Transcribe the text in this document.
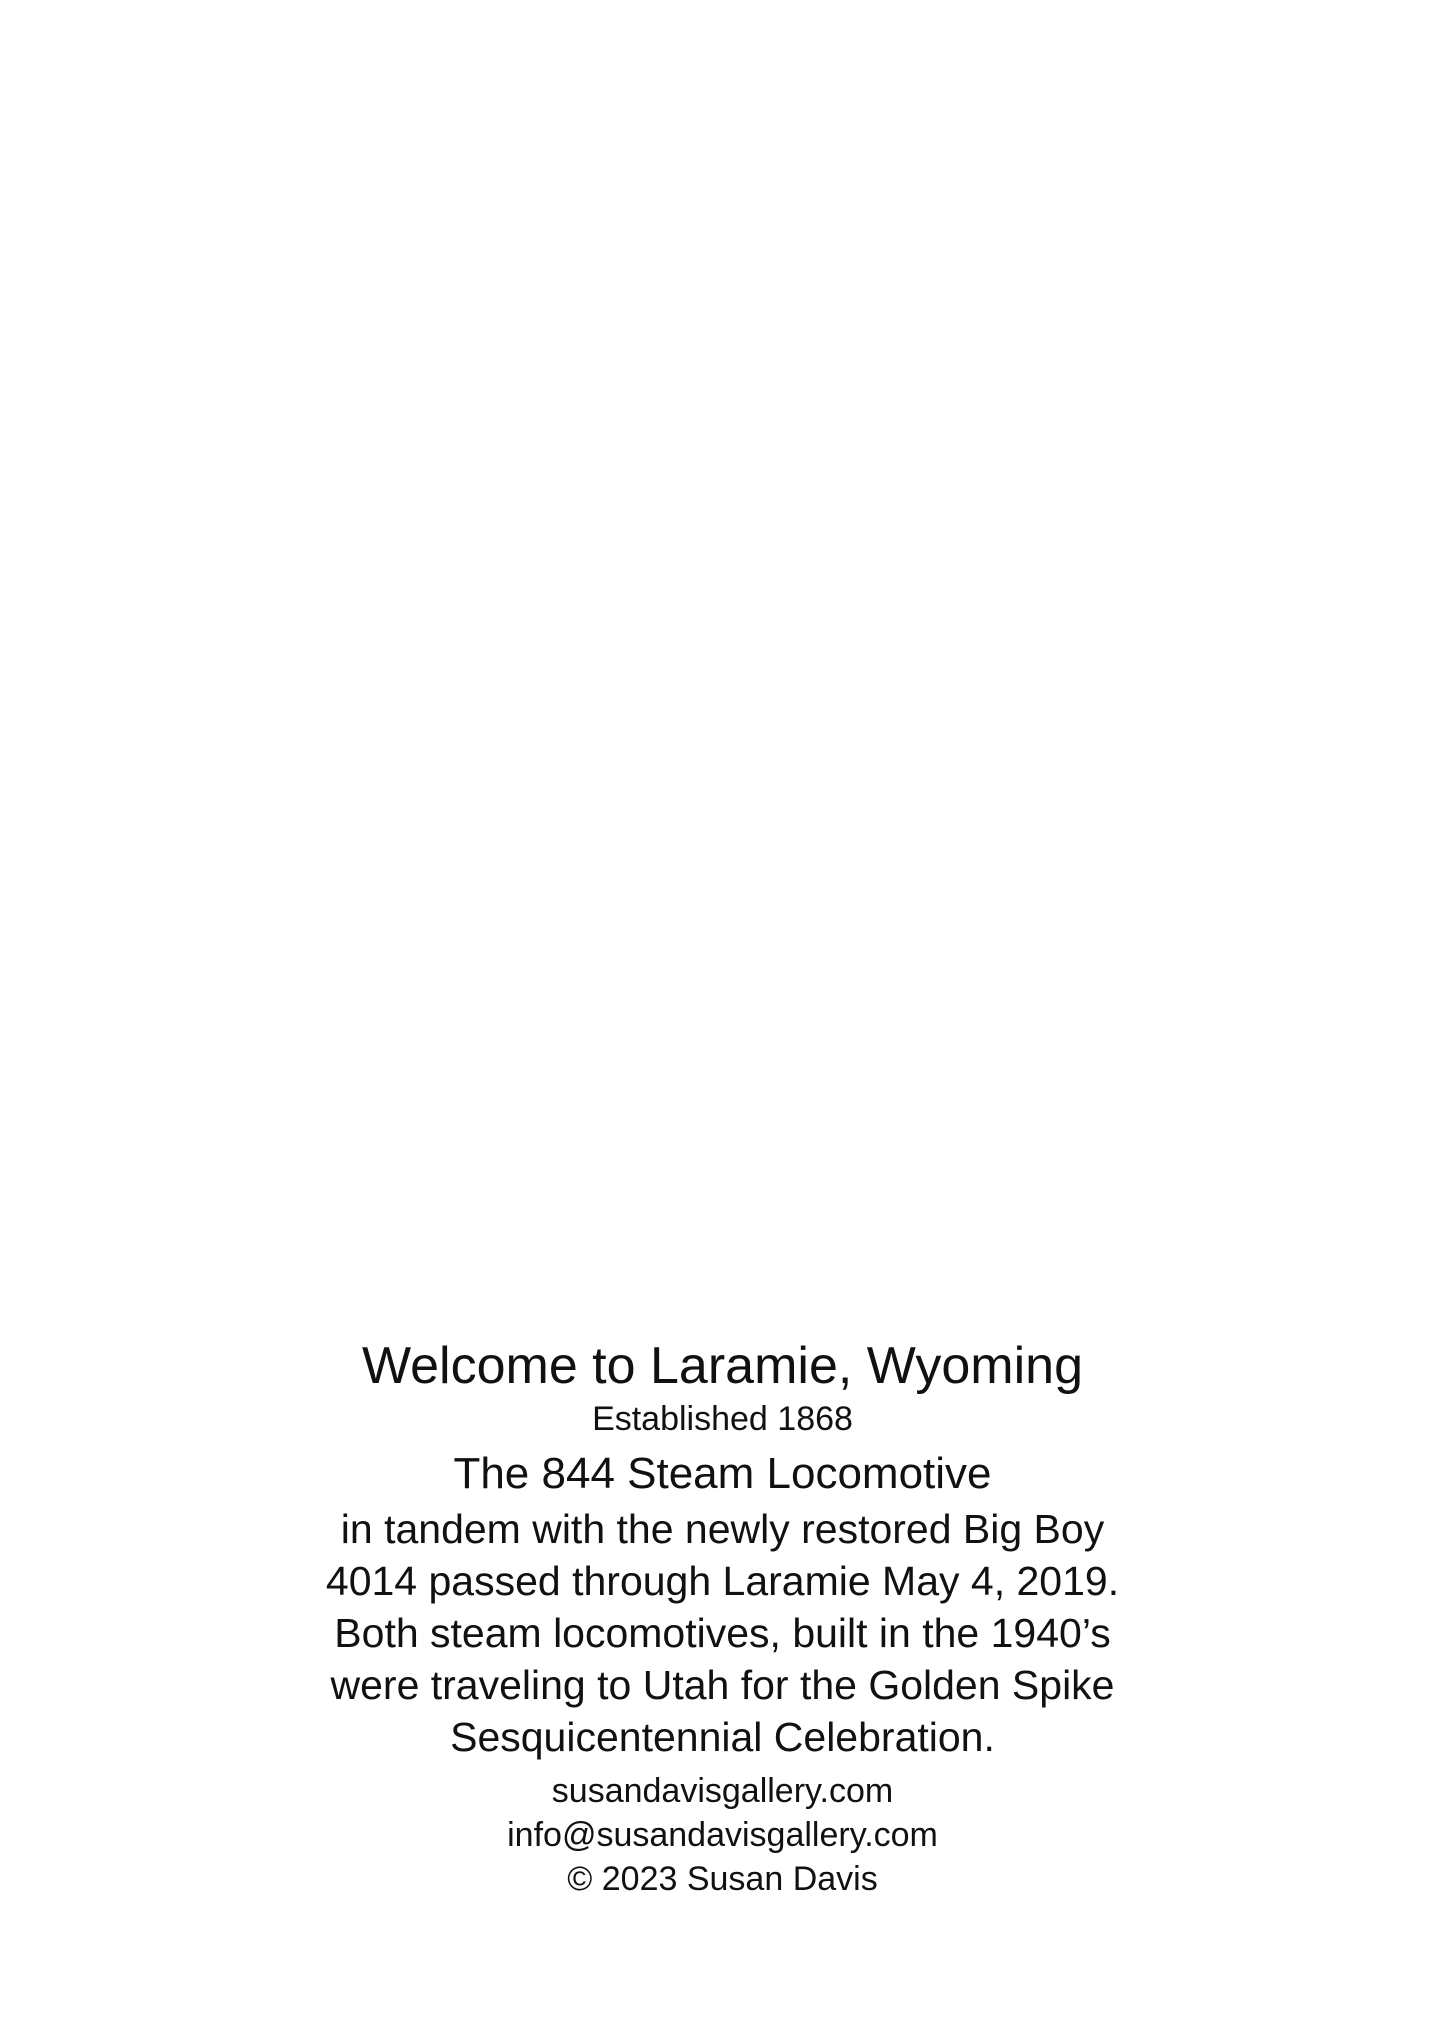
Welcome to Laramie, Wyoming
Established 1868
The 844 Steam Locomotive
in tandem with the newly restored Big Boy
4014 passed through Laramie May 4, 2019.
Both steam locomotives, built in the 1940’s
were traveling to Utah for the Golden Spike
Sesquicentennial Celebration.
susandavisgallery.com
info@susandavisgallery.com
© 2023 Susan Davis
